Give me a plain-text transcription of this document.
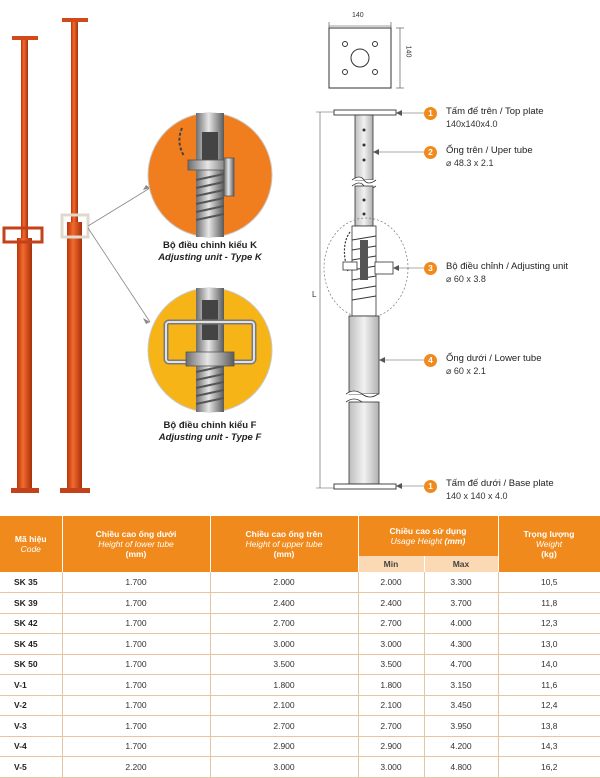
140
140
L
1	Tấm đế trên / Top plate
140x140x4.0
2	Ống trên / Uper tube
⌀ 48.3 x 2.1
3	Bộ điều chỉnh / Adjusting unit
⌀ 60 x 3.8
4	Ống dưới / Lower tube
⌀ 60 x 2.1
1	Tấm đế dưới / Base plate
140 x 140 x 4.0
Bộ điều chỉnh kiểu K
Adjusting unit - Type K
Bộ điều chỉnh kiểu F
Adjusting unit - Type F
Mã hiệu
Code	Chiều cao ống dưới
Height of lower tube
(mm)	Chiều cao ống trên
Height of upper tube
(mm)	Chiều cao sử dụng
Usage Height (mm)		Trọng lượng
Weight
(kg)
			Min	Max	
SK 35	1.700	2.000	2.000	3.300	10,5
SK 39	1.700	2.400	2.400	3.700	11,8
SK 42	1.700	2.700	2.700	4.000	12,3
SK 45	1.700	3.000	3.000	4.300	13,0
SK 50	1.700	3.500	3.500	4.700	14,0
V-1	1.700	1.800	1.800	3.150	11,6
V-2	1.700	2.100	2.100	3.450	12,4
V-3	1.700	2.700	2.700	3.950	13,8
V-4	1.700	2.900	2.900	4.200	14,3
V-5	2.200	3.000	3.000	4.800	16,2
